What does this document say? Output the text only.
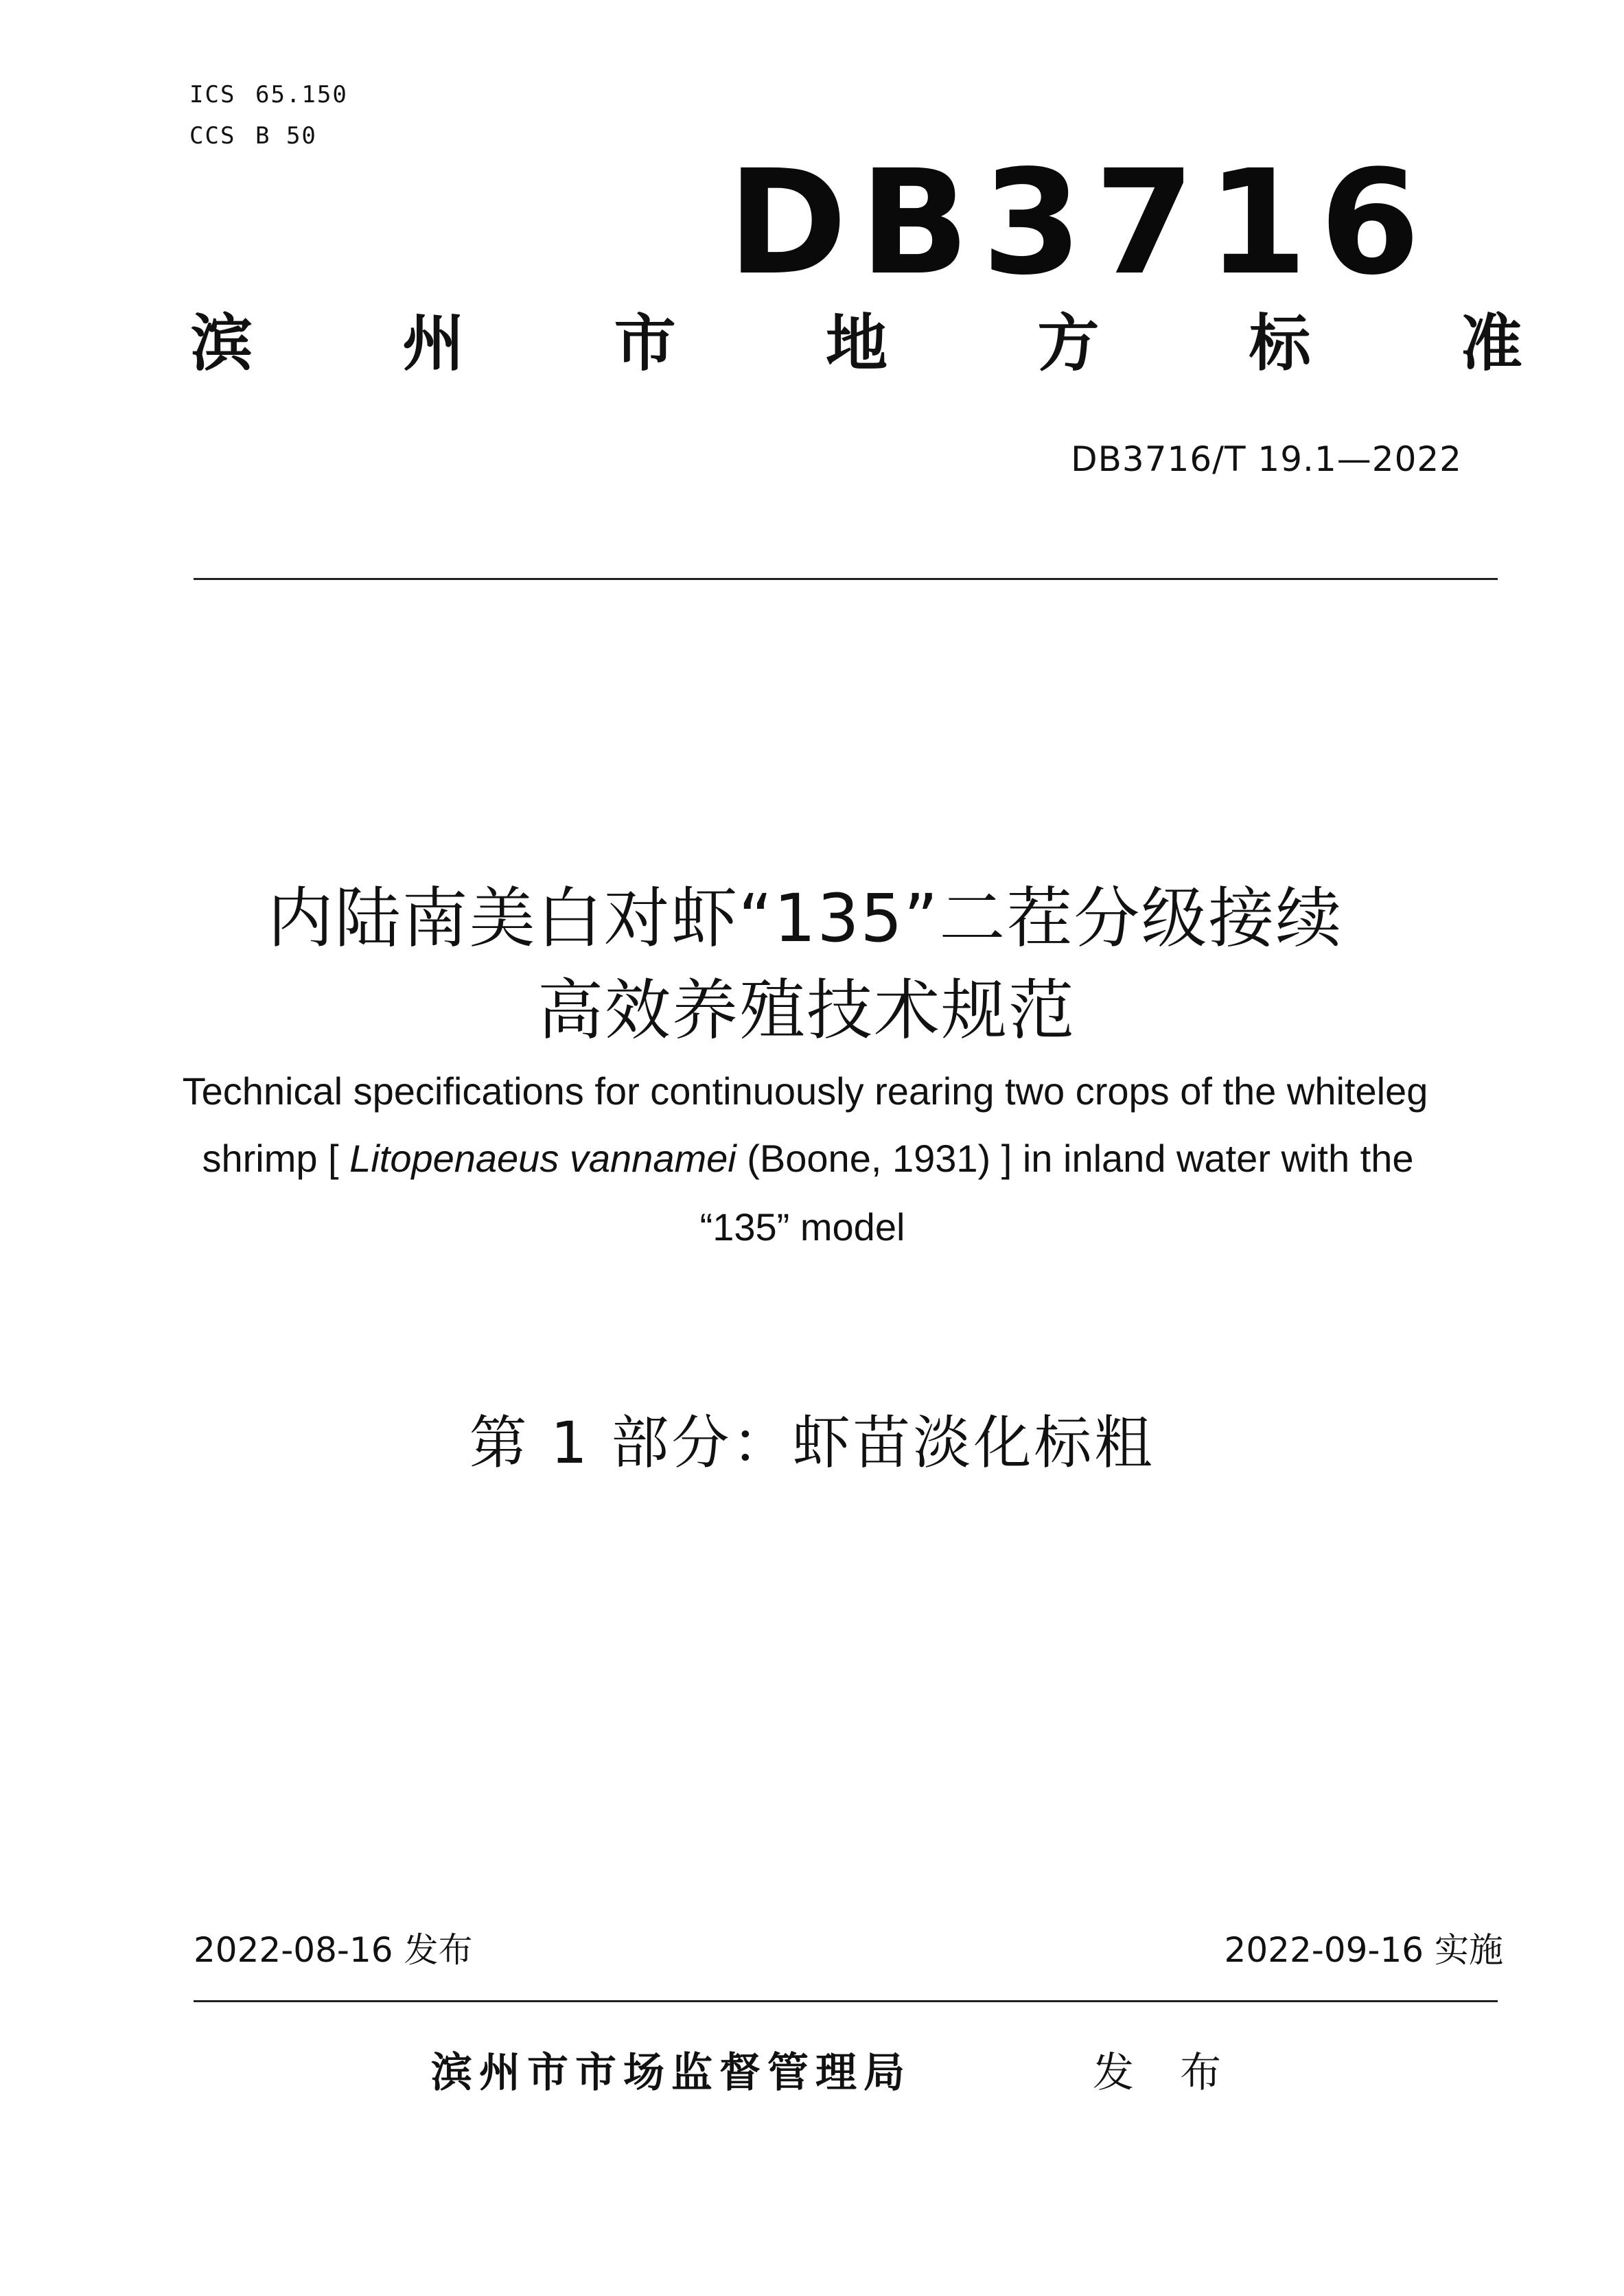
ICS 65.150
CCS B 50
DB3716
滨 州 市 地 方 标 准
DB3716/T 19.1—2022
内陆南美白对虾“135”二茬分级接续
高效养殖技术规范
Technical specifications for continuously rearing two crops of the whiteleg
shrimp [ Litopenaeus vannamei (Boone, 1931) ] in inland water with the
“135” model
第 1 部分：虾苗淡化标粗
2022-08-16 发布	2022-09-16 实施
滨州市市场监督管理局	发 布
